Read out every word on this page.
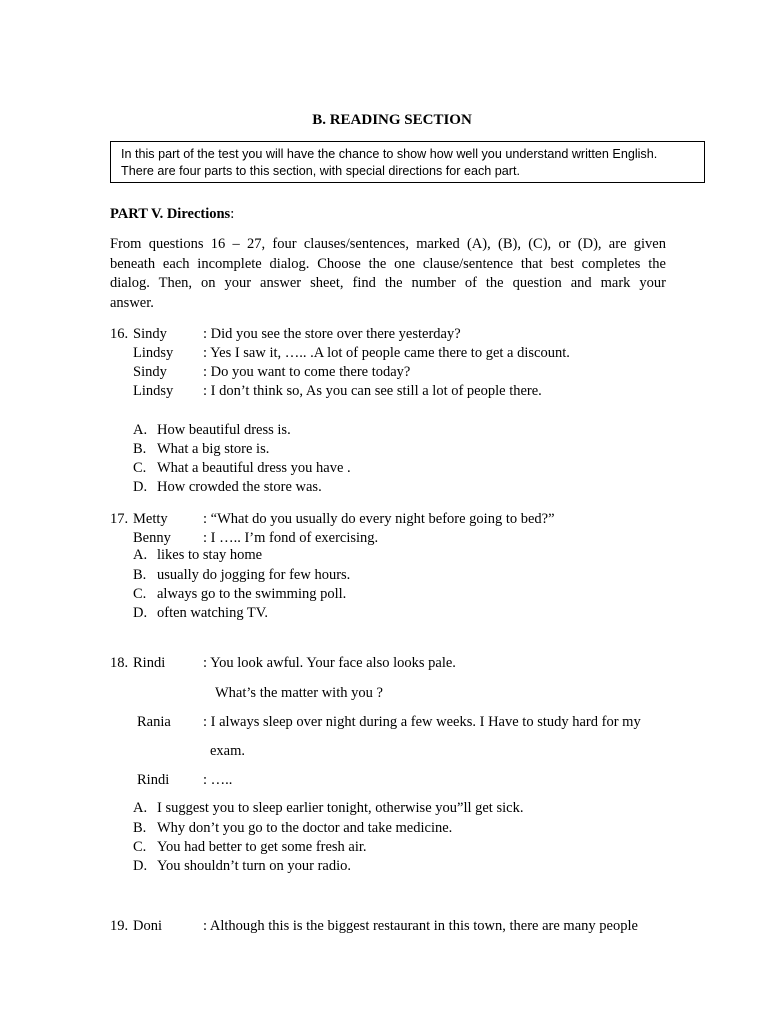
B. READING SECTION
In this part of the test you will have the chance to show how well you understand written English.
There are four parts to this section, with special directions for each part.
PART V. Directions:
From questions 16 – 27, four clauses/sentences, marked (A), (B), (C), or (D), are given
beneath each incomplete dialog. Choose the one clause/sentence that best completes the
dialog. Then, on your answer sheet, find the number of the question and mark your
answer.
16. Sindy : Did you see the store over there yesterday?
Lindsy : Yes I saw it, ….. .A lot of people came there to get a discount.
Sindy : Do you want to come there today?
Lindsy : I don’t think so, As you can see still a lot of people there.
A. How beautiful dress is.
B. What a big store is.
C. What a beautiful dress you have .
D. How crowded the store was.
17. Metty : “What do you usually do every night before going to bed?”
Benny : I ….. I’m fond of exercising.
A. likes to stay home
B. usually do jogging for few hours.
C. always go to the swimming poll.
D. often watching TV.
18. Rindi	: You look awful. Your face also looks pale.
What’s the matter with you ?
Rania : I always sleep over night during a few weeks. I Have to study hard for my
exam.
Rindi : …..
A. I suggest you to sleep earlier tonight, otherwise you”ll get sick.
B. Why don’t you go to the doctor and take medicine.
C. You had better to get some fresh air.
D. You shouldn’t turn on your radio.
19. Doni	: Although this is the biggest restaurant in this town, there are many people
